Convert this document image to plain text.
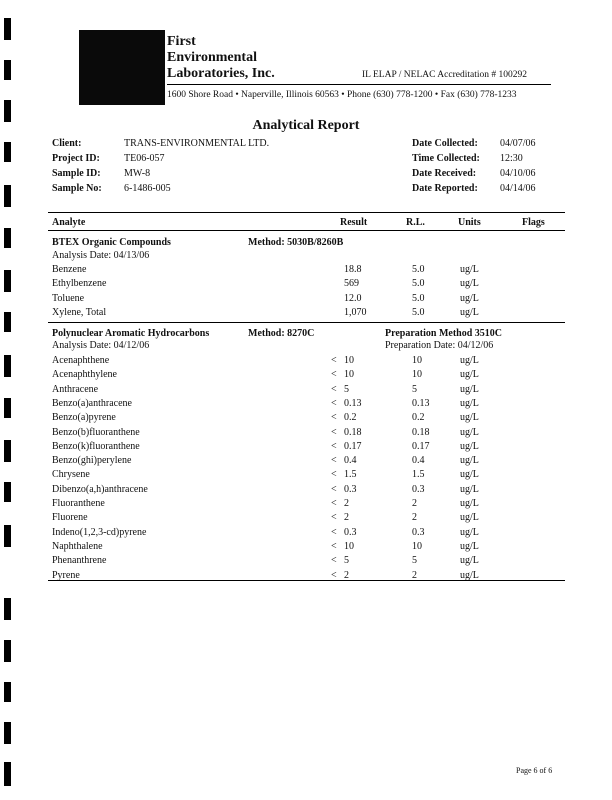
First
Environmental
Laboratories, Inc.	IL ELAP / NELAC Accreditation # 100292
1600 Shore Road • Naperville, Illinois 60563 • Phone (630) 778-1200 • Fax (630) 778-1233
Analytical Report
Client:	TRANS-ENVIRONMENTAL LTD.
Project ID: TE06-057
Sample ID: MW-8
Sample No: 6-1486-005
Date Collected: 04/07/06
Time Collected: 12:30
Date Received: 04/10/06
Date Reported: 04/14/06
Analyte	Result	R.L.	Units	Flags
BTEX Organic Compounds	Method: 5030B/8260B
Analysis Date: 04/13/06
Benzene	18.8	5.0	ug/L
Ethylbenzene	569	5.0	ug/L
Toluene	12.0	5.0	ug/L
Xylene, Total	1,070	5.0	ug/L
Polynuclear Aromatic Hydrocarbons	Method: 8270C	Preparation Method 3510C
Analysis Date: 04/12/06	Preparation Date: 04/12/06
Acenaphthene	< 10	10	ug/L
Acenaphthylene	< 10	10	ug/L
Anthracene	< 5	5	ug/L
Benzo(a)anthracene	< 0.13	0.13	ug/L
Benzo(a)pyrene	< 0.2	0.2	ug/L
Benzo(b)fluoranthene	< 0.18	0.18	ug/L
Benzo(k)fluoranthene	< 0.17	0.17	ug/L
Benzo(ghi)perylene	< 0.4	0.4	ug/L
Chrysene	< 1.5	1.5	ug/L
Dibenzo(a,h)anthracene	< 0.3	0.3	ug/L
Fluoranthene	< 2	2	ug/L
Fluorene	< 2	2	ug/L
Indeno(1,2,3-cd)pyrene	< 0.3	0.3	ug/L
Naphthalene	< 10	10	ug/L
Phenanthrene	< 5	5	ug/L
Pyrene	< 2	2	ug/L
Page 6 of 6
